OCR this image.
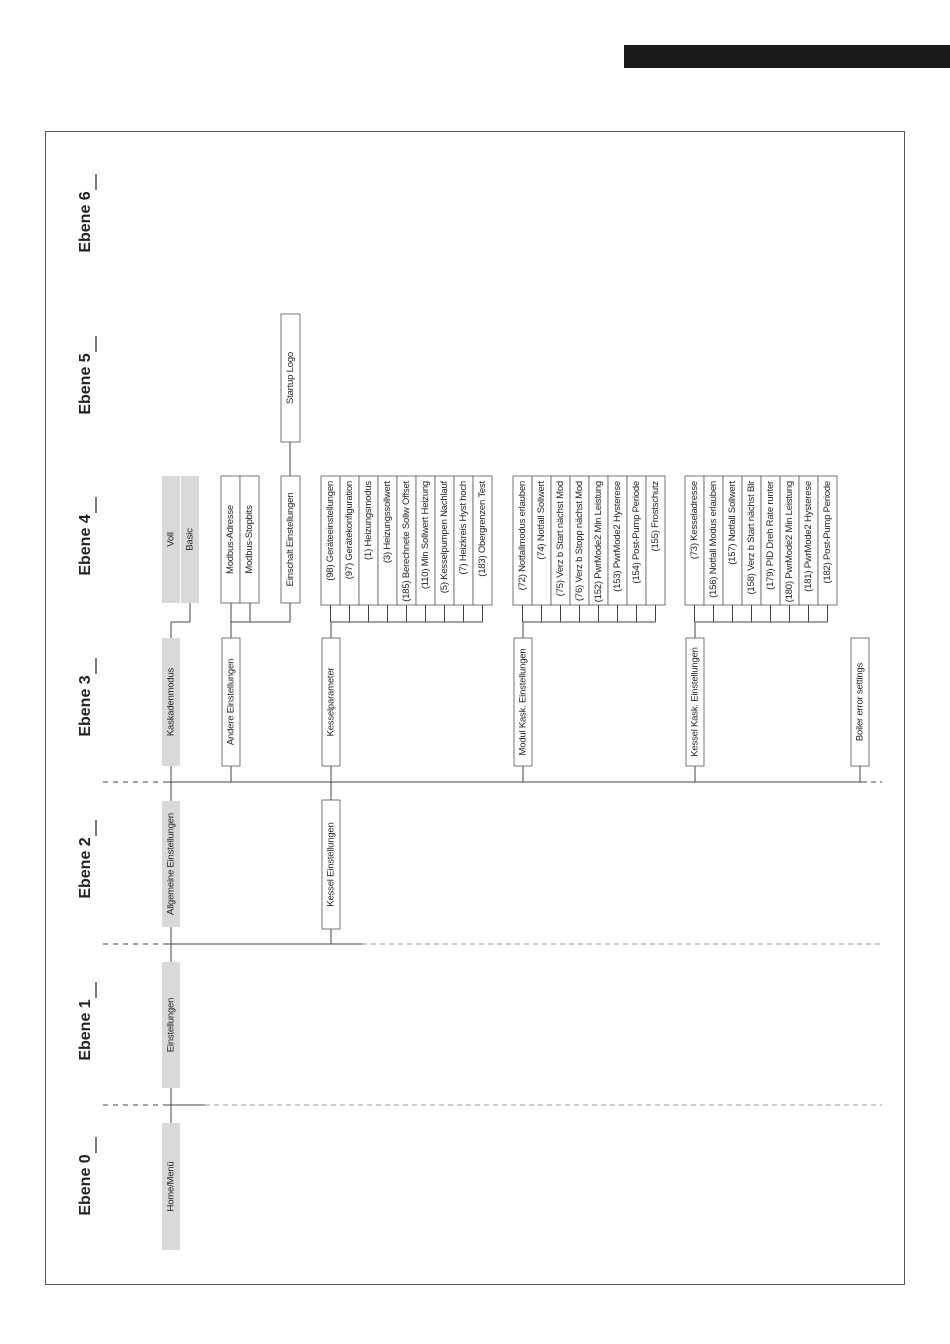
Ebene 0
Ebene 1
Ebene 2
Ebene 3
Ebene 4
Ebene 5
Ebene 6
Home/Menü
Einstellungen
Allgemeine Einstellungen	Kessel Einstellungen
Kaskadenmodus	Andere Einstellungen	Kesselparameter	Modul Kask. Einstellungen	Kessel Kask. Einstellungen	Boiler error settings
Voll Basic	Modbus-Adresse Modbus-Stopbits	Einschalt Einstellungen
Startup Logo
(98) Geräteeinstellungen (97) Gerätekonfiguration (1) Heizungsmodus (3) Heizungssollwert (185) Berechnete Sollw Offset (110) Min Sollwert Heizung (5) Kesselpumpen Nachlauf (7) Heizkreis Hyst hoch (183) Obergrenzen Test	(72) Notfallmodus erlauben (74) Notfall Sollwert (75) Verz b Start nächst Mod (76) Verz b Stopp nächst Mod (152) PwrMode2 Min Leistung (153) PwrMode2 Hysterese (154) Post-Pump Periode (155) Frostschutz	(73) Kesseladresse (156) Notfall Modus erlauben (157) Notfall Sollwert (158) Verz b Start nächst Blr (179) PID Dreh Rate runter (180) PwrMode2 Min Leistung (181) PwrMode2 Hysterese (182) Post-Pump Periode
